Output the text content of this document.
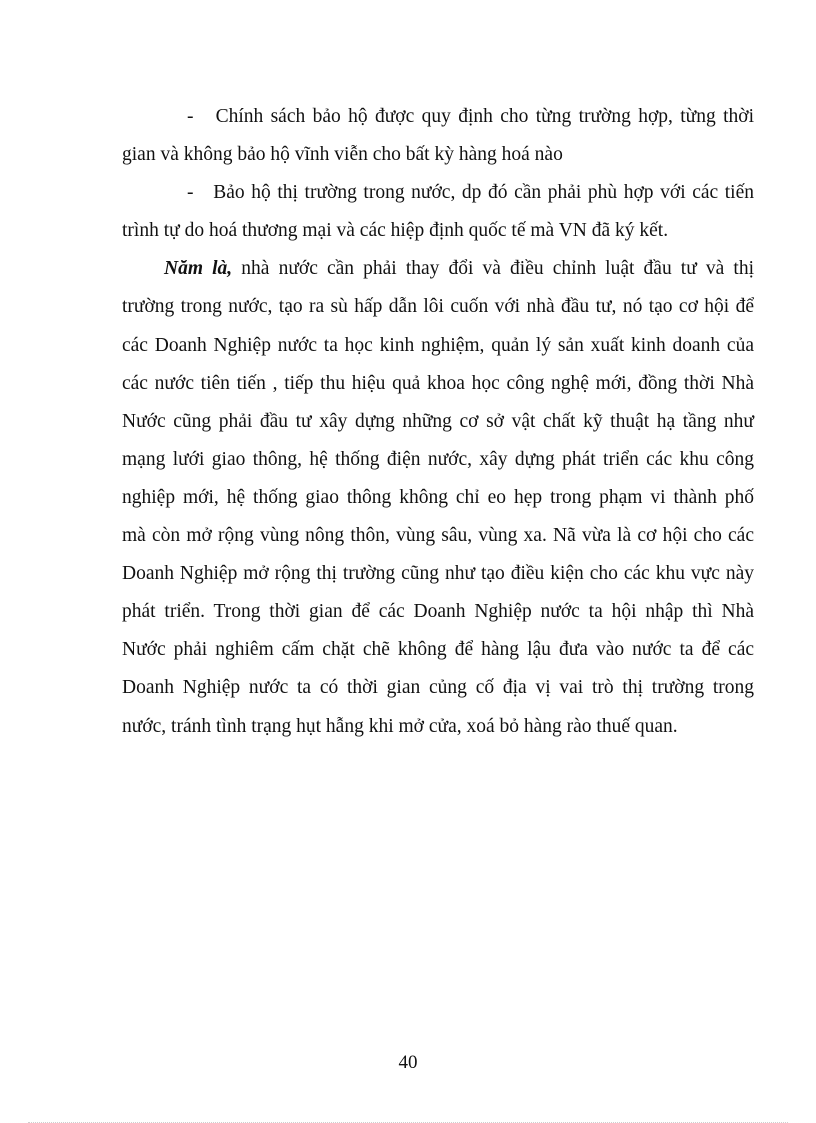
- Chính sách bảo hộ được quy định cho từng trường hợp, từng thời
gian và không bảo hộ vĩnh viễn cho bất kỳ hàng hoá nào
- Bảo hộ thị trường trong nước, dp đó cần phải phù hợp với các tiến
trình tự do hoá thương mại và các hiệp định quốc tế mà VN đã ký kết.
Năm là, nhà nước cần phải thay đổi và điều chỉnh luật đầu tư và thị
trường trong nước, tạo ra sù hấp dẫn lôi cuốn với nhà đầu tư, nó tạo cơ hội để
các Doanh Nghiệp nước ta học kinh nghiệm, quản lý sản xuất kinh doanh của
các nước tiên tiến , tiếp thu hiệu quả khoa học công nghệ mới, đồng thời Nhà
Nước cũng phải đầu tư xây dựng những cơ sở vật chất kỹ thuật hạ tầng như
mạng lưới giao thông, hệ thống điện nước, xây dựng phát triển các khu công
nghiệp mới, hệ thống giao thông không chỉ eo hẹp trong phạm vi thành phố
mà còn mở rộng vùng nông thôn, vùng sâu, vùng xa. Nã vừa là cơ hội cho các
Doanh Nghiệp mở rộng thị trường cũng như tạo điều kiện cho các khu vực này
phát triển. Trong thời gian để các Doanh Nghiệp nước ta hội nhập thì Nhà
Nước phải nghiêm cấm chặt chẽ không để hàng lậu đưa vào nước ta để các
Doanh Nghiệp nước ta có thời gian củng cố địa vị vai trò thị trường trong
nước, tránh tình trạng hụt hẫng khi mở cửa, xoá bỏ hàng rào thuế quan.
40
